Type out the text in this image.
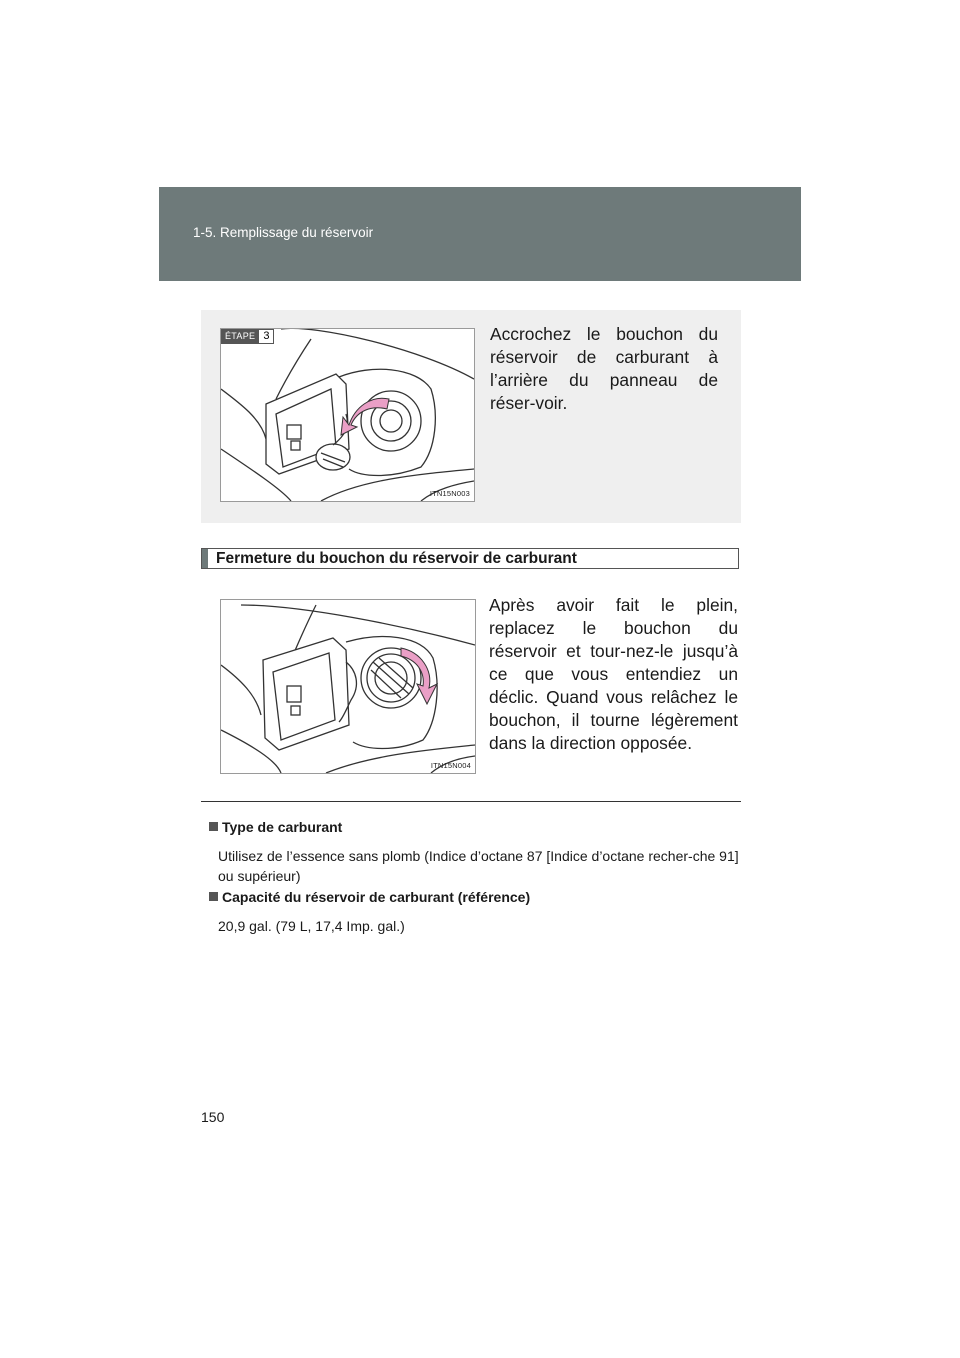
1-5. Remplissage du réservoir
ÉTAPE 3
ITN15N003
Accrochez le bouchon du réservoir de carburant à l’arrière du panneau de réser-voir.
Fermeture du bouchon du réservoir de carburant
ITN15N004
Après avoir fait le plein, replacez le bouchon du réservoir et tour-nez-le jusqu’à ce que vous entendiez un déclic. Quand vous relâchez le bouchon, il tourne légèrement dans la direction opposée.
Type de carburant
Utilisez de l’essence sans plomb (Indice d’octane 87 [Indice d’octane recher-che 91] ou supérieur)
Capacité du réservoir de carburant (référence)
20,9 gal. (79 L, 17,4 Imp. gal.)
150
